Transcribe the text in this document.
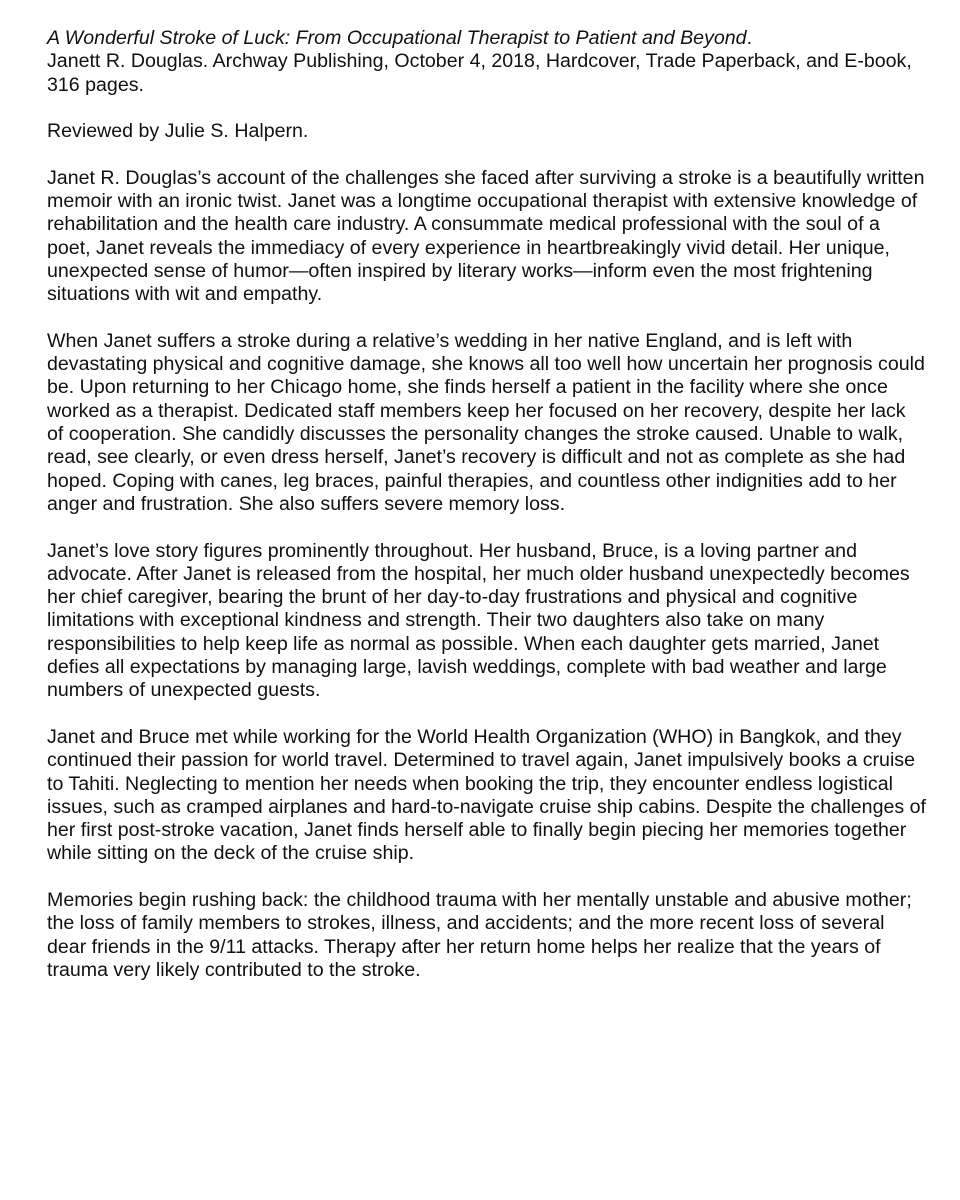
A Wonderful Stroke of Luck: From Occupational Therapist to Patient and Beyond.
Janett R. Douglas. Archway Publishing, October 4, 2018, Hardcover, Trade Paperback, and E-book, 316 pages.

Reviewed by Julie S. Halpern.

Janet R. Douglas’s account of the challenges she faced after surviving a stroke is a beautifully written memoir with an ironic twist. Janet was a longtime occupational therapist with extensive knowledge of rehabilitation and the health care industry. A consummate medical professional with the soul of a poet, Janet reveals the immediacy of every experience in heartbreakingly vivid detail. Her unique, unexpected sense of humor—often inspired by literary works—inform even the most frightening situations with wit and empathy.

When Janet suffers a stroke during a relative’s wedding in her native England, and is left with devastating physical and cognitive damage, she knows all too well how uncertain her prognosis could be. Upon returning to her Chicago home, she finds herself a patient in the facility where she once worked as a therapist. Dedicated staff members keep her focused on her recovery, despite her lack of cooperation. She candidly discusses the personality changes the stroke caused. Unable to walk, read, see clearly, or even dress herself, Janet’s recovery is difficult and not as complete as she had hoped. Coping with canes, leg braces, painful therapies, and countless other indignities add to her anger and frustration. She also suffers severe memory loss.

Janet’s love story figures prominently throughout. Her husband, Bruce, is a loving partner and advocate. After Janet is released from the hospital, her much older husband unexpectedly becomes her chief caregiver, bearing the brunt of her day-to-day frustrations and physical and cognitive limitations with exceptional kindness and strength. Their two daughters also take on many responsibilities to help keep life as normal as possible. When each daughter gets married, Janet defies all expectations by managing large, lavish weddings, complete with bad weather and large numbers of unexpected guests.

Janet and Bruce met while working for the World Health Organization (WHO) in Bangkok, and they continued their passion for world travel. Determined to travel again, Janet impulsively books a cruise to Tahiti. Neglecting to mention her needs when booking the trip, they encounter endless logistical issues, such as cramped airplanes and hard-to-navigate cruise ship cabins. Despite the challenges of her first post-stroke vacation, Janet finds herself able to finally begin piecing her memories together while sitting on the deck of the cruise ship.

Memories begin rushing back: the childhood trauma with her mentally unstable and abusive mother; the loss of family members to strokes, illness, and accidents; and the more recent loss of several dear friends in the 9/11 attacks. Therapy after her return home helps her realize that the years of trauma very likely contributed to the stroke.
